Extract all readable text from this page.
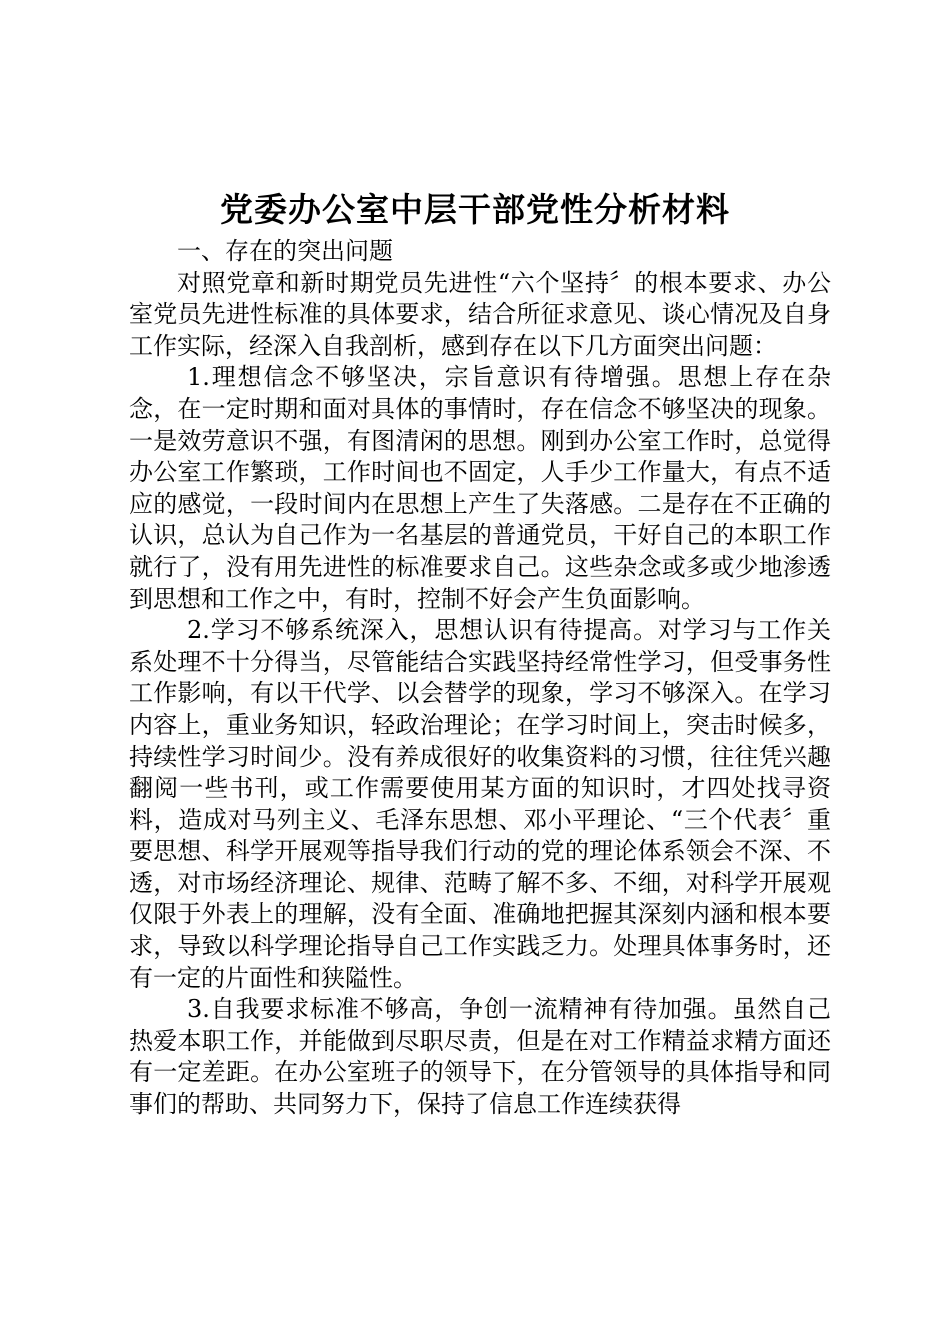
党委办公室中层干部党性分析材料

一、存在的突出问题

对照党章和新时期党员先进性“六个坚持〞的根本要求、办公室党员先进性标准的具体要求，结合所征求意见、谈心情况及自身工作实际，经深入自我剖析，感到存在以下几方面突出问题：

1.理想信念不够坚决，宗旨意识有待增强。思想上存在杂念，在一定时期和面对具体的事情时，存在信念不够坚决的现象。一是效劳意识不强，有图清闲的思想。刚到办公室工作时，总觉得办公室工作繁琐，工作时间也不固定，人手少工作量大，有点不适应的感觉，一段时间内在思想上产生了失落感。二是存在不正确的认识，总认为自己作为一名基层的普通党员，干好自己的本职工作就行了，没有用先进性的标准要求自己。这些杂念或多或少地渗透到思想和工作之中，有时，控制不好会产生负面影响。

2.学习不够系统深入，思想认识有待提高。对学习与工作关系处理不十分得当，尽管能结合实践坚持经常性学习，但受事务性工作影响，有以干代学、以会替学的现象，学习不够深入。在学习内容上，重业务知识，轻政治理论；在学习时间上，突击时候多，持续性学习时间少。没有养成很好的收集资料的习惯，往往凭兴趣翻阅一些书刊，或工作需要使用某方面的知识时，才四处找寻资料，造成对马列主义、毛泽东思想、邓小平理论、“三个代表〞重要思想、科学开展观等指导我们行动的党的理论体系领会不深、不透，对市场经济理论、规律、范畴了解不多、不细，对科学开展观仅限于外表上的理解，没有全面、准确地把握其深刻内涵和根本要求，导致以科学理论指导自己工作实践乏力。处理具体事务时，还有一定的片面性和狭隘性。

3.自我要求标准不够高，争创一流精神有待加强。虽然自己热爱本职工作，并能做到尽职尽责，但是在对工作精益求精方面还有一定差距。在办公室班子的领导下，在分管领导的具体指导和同事们的帮助、共同努力下，保持了信息工作连续获得
